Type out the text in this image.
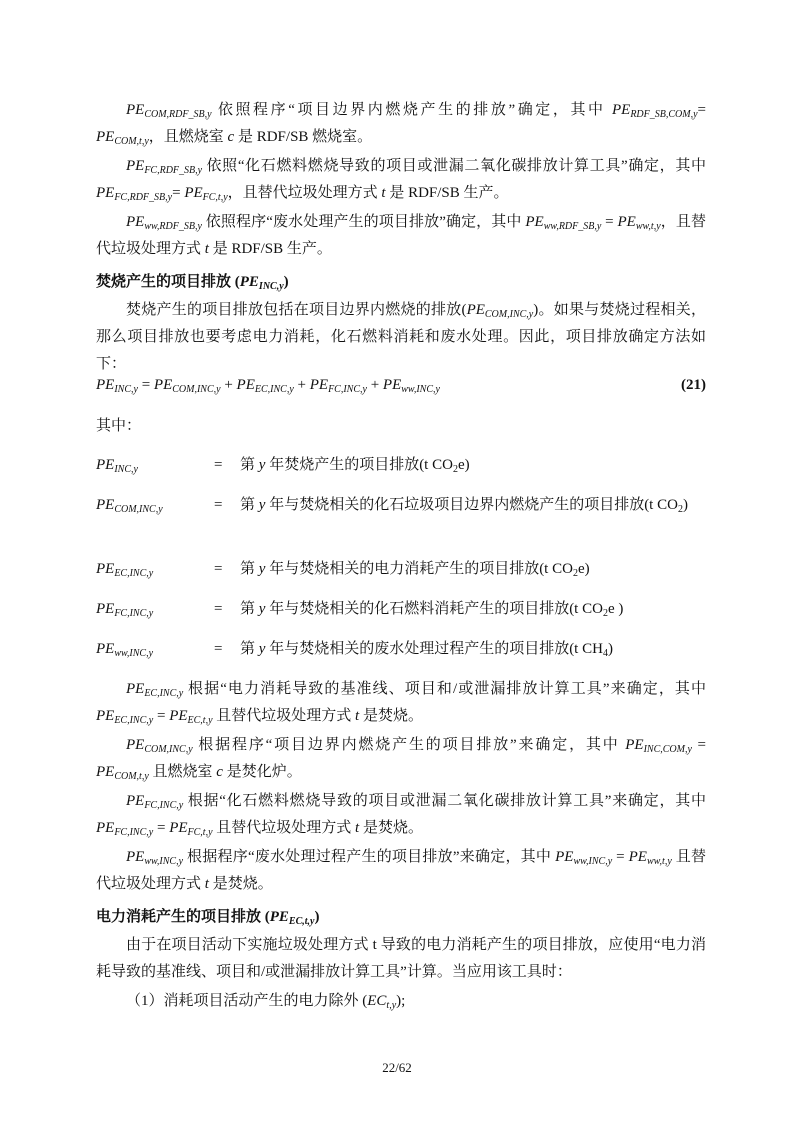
$PE_{COM,RDF\_SB,y}$ 依照程序“项目边界内燃烧产生的排放”确定，其中 $PE_{RDF\_SB,COM,y}= PE_{COM,t,y}$，且燃烧室 c 是 RDF/SB 燃烧室。

$PE_{FC,RDF\_SB,y}$ 依照“化石燃料燃烧导致的项目或泄漏二氧化碳排放计算工具”确定，其中 $PE_{FC,RDF\_SB,y}= PE_{FC,t,y}$，且替代垃圾处理方式 t 是 RDF/SB 生产。

$PE_{ww,RDF\_SB,y}$ 依照程序“废水处理产生的项目排放”确定，其中 $PE_{ww,RDF\_SB,y} = PE_{ww,t,y}$，且替代垃圾处理方式 t 是 RDF/SB 生产。

焚烧产生的项目排放 $(PE_{INC,y})$

焚烧产生的项目排放包括在项目边界内燃烧的排放$(PE_{COM,INC,y})$。如果与焚烧过程相关，那么项目排放也要考虑电力消耗，化石燃料消耗和废水处理。因此，项目排放确定方法如下：

$PE_{INC,y} = PE_{COM,INC,y} + PE_{EC,INC,y} + PE_{FC,INC,y} + PE_{ww,INC,y}$	(21)

其中：

$PE_{INC,y}$	= 第 y 年焚烧产生的项目排放(t $CO_2e$)
$PE_{COM,INC,y}$	= 第 y 年与焚烧相关的化石垃圾项目边界内燃烧产生的项目排放(t $CO_2$)
$PE_{EC,INC,y}$	= 第 y 年与焚烧相关的电力消耗产生的项目排放(t $CO_2e$)
$PE_{FC,INC,y}$	= 第 y 年与焚烧相关的化石燃料消耗产生的项目排放(t $CO_2e$ )
$PE_{ww,INC,y}$	= 第 y 年与焚烧相关的废水处理过程产生的项目排放(t $CH_4$)

$PE_{EC,INC,y}$ 根据“电力消耗导致的基准线、项目和/或泄漏排放计算工具”来确定，其中 $PE_{EC,INC,y} = PE_{EC,t,y}$ 且替代垃圾处理方式 t 是焚烧。

$PE_{COM,INC,y}$ 根据程序“项目边界内燃烧产生的项目排放”来确定，其中 $PE_{INC,COM,y} = PE_{COM,t,y}$ 且燃烧室 c 是焚化炉。

$PE_{FC,INC,y}$ 根据“化石燃料燃烧导致的项目或泄漏二氧化碳排放计算工具”来确定，其中 $PE_{FC,INC,y} = PE_{FC,t,y}$ 且替代垃圾处理方式 t 是焚烧。

$PE_{ww,INC,y}$ 根据程序“废水处理过程产生的项目排放”来确定，其中 $PE_{ww,INC,y} = PE_{ww,t,y}$ 且替代垃圾处理方式 t 是焚烧。

电力消耗产生的项目排放 $(PE_{EC,t,y})$

由于在项目活动下实施垃圾处理方式 t 导致的电力消耗产生的项目排放，应使用“电力消耗导致的基准线、项目和/或泄漏排放计算工具”计算。当应用该工具时：

（1）消耗项目活动产生的电力除外 $(EC_{t,y})$;

22/62
